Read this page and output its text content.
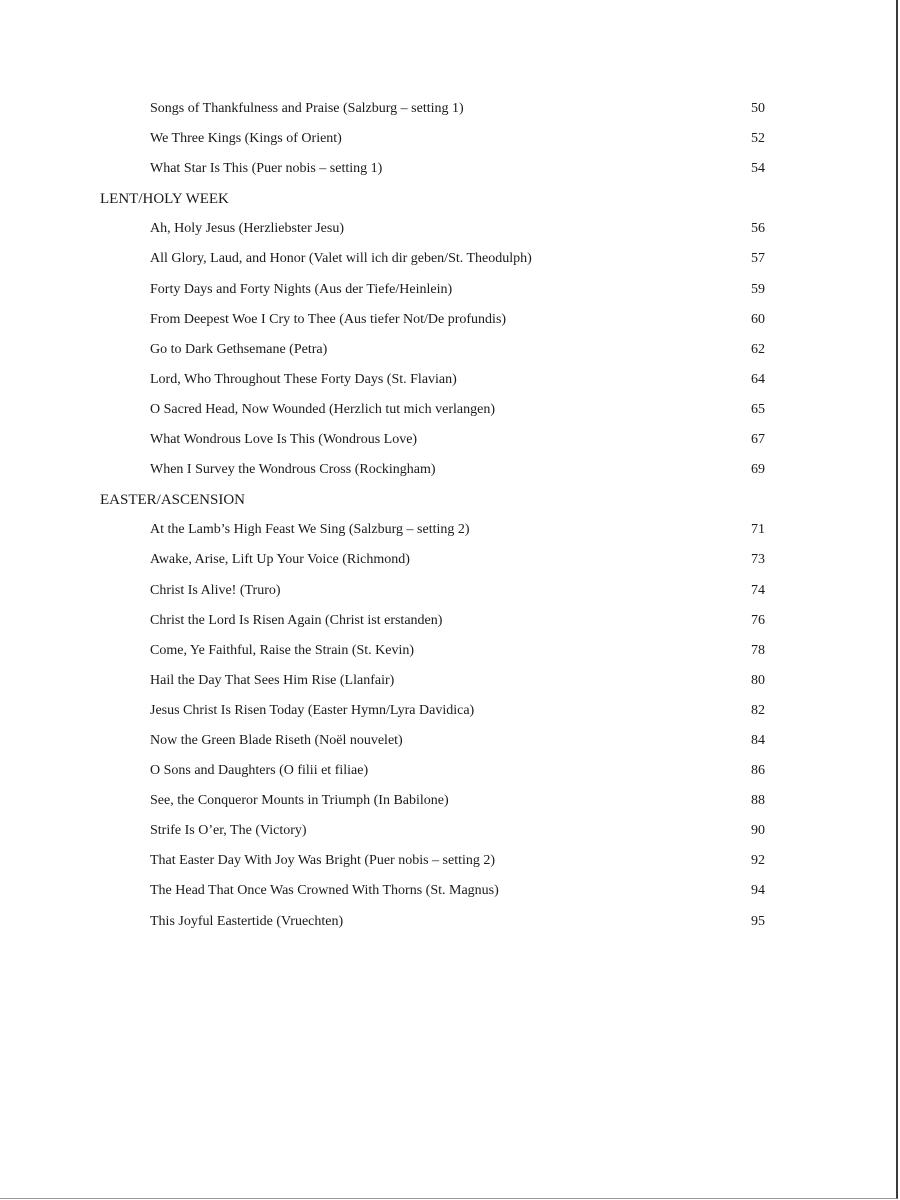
Songs of Thankfulness and Praise (Salzburg – setting 1)	50
We Three Kings (Kings of Orient)	52
What Star Is This (Puer nobis – setting 1)	54
LENT/HOLY WEEK
Ah, Holy Jesus (Herzliebster Jesu)	56
All Glory, Laud, and Honor (Valet will ich dir geben/St. Theodulph)	57
Forty Days and Forty Nights (Aus der Tiefe/Heinlein)	59
From Deepest Woe I Cry to Thee (Aus tiefer Not/De profundis)	60
Go to Dark Gethsemane (Petra)	62
Lord, Who Throughout These Forty Days (St. Flavian)	64
O Sacred Head, Now Wounded (Herzlich tut mich verlangen)	65
What Wondrous Love Is This (Wondrous Love)	67
When I Survey the Wondrous Cross (Rockingham)	69
EASTER/ASCENSION
At the Lamb’s High Feast We Sing (Salzburg – setting 2)	71
Awake, Arise, Lift Up Your Voice (Richmond)	73
Christ Is Alive! (Truro)	74
Christ the Lord Is Risen Again (Christ ist erstanden)	76
Come, Ye Faithful, Raise the Strain (St. Kevin)	78
Hail the Day That Sees Him Rise (Llanfair)	80
Jesus Christ Is Risen Today (Easter Hymn/Lyra Davidica)	82
Now the Green Blade Riseth (Noël nouvelet)	84
O Sons and Daughters (O filii et filiae)	86
See, the Conqueror Mounts in Triumph (In Babilone)	88
Strife Is O’er, The (Victory)	90
That Easter Day With Joy Was Bright (Puer nobis – setting 2)	92
The Head That Once Was Crowned With Thorns (St. Magnus)	94
This Joyful Eastertide (Vruechten)	95
